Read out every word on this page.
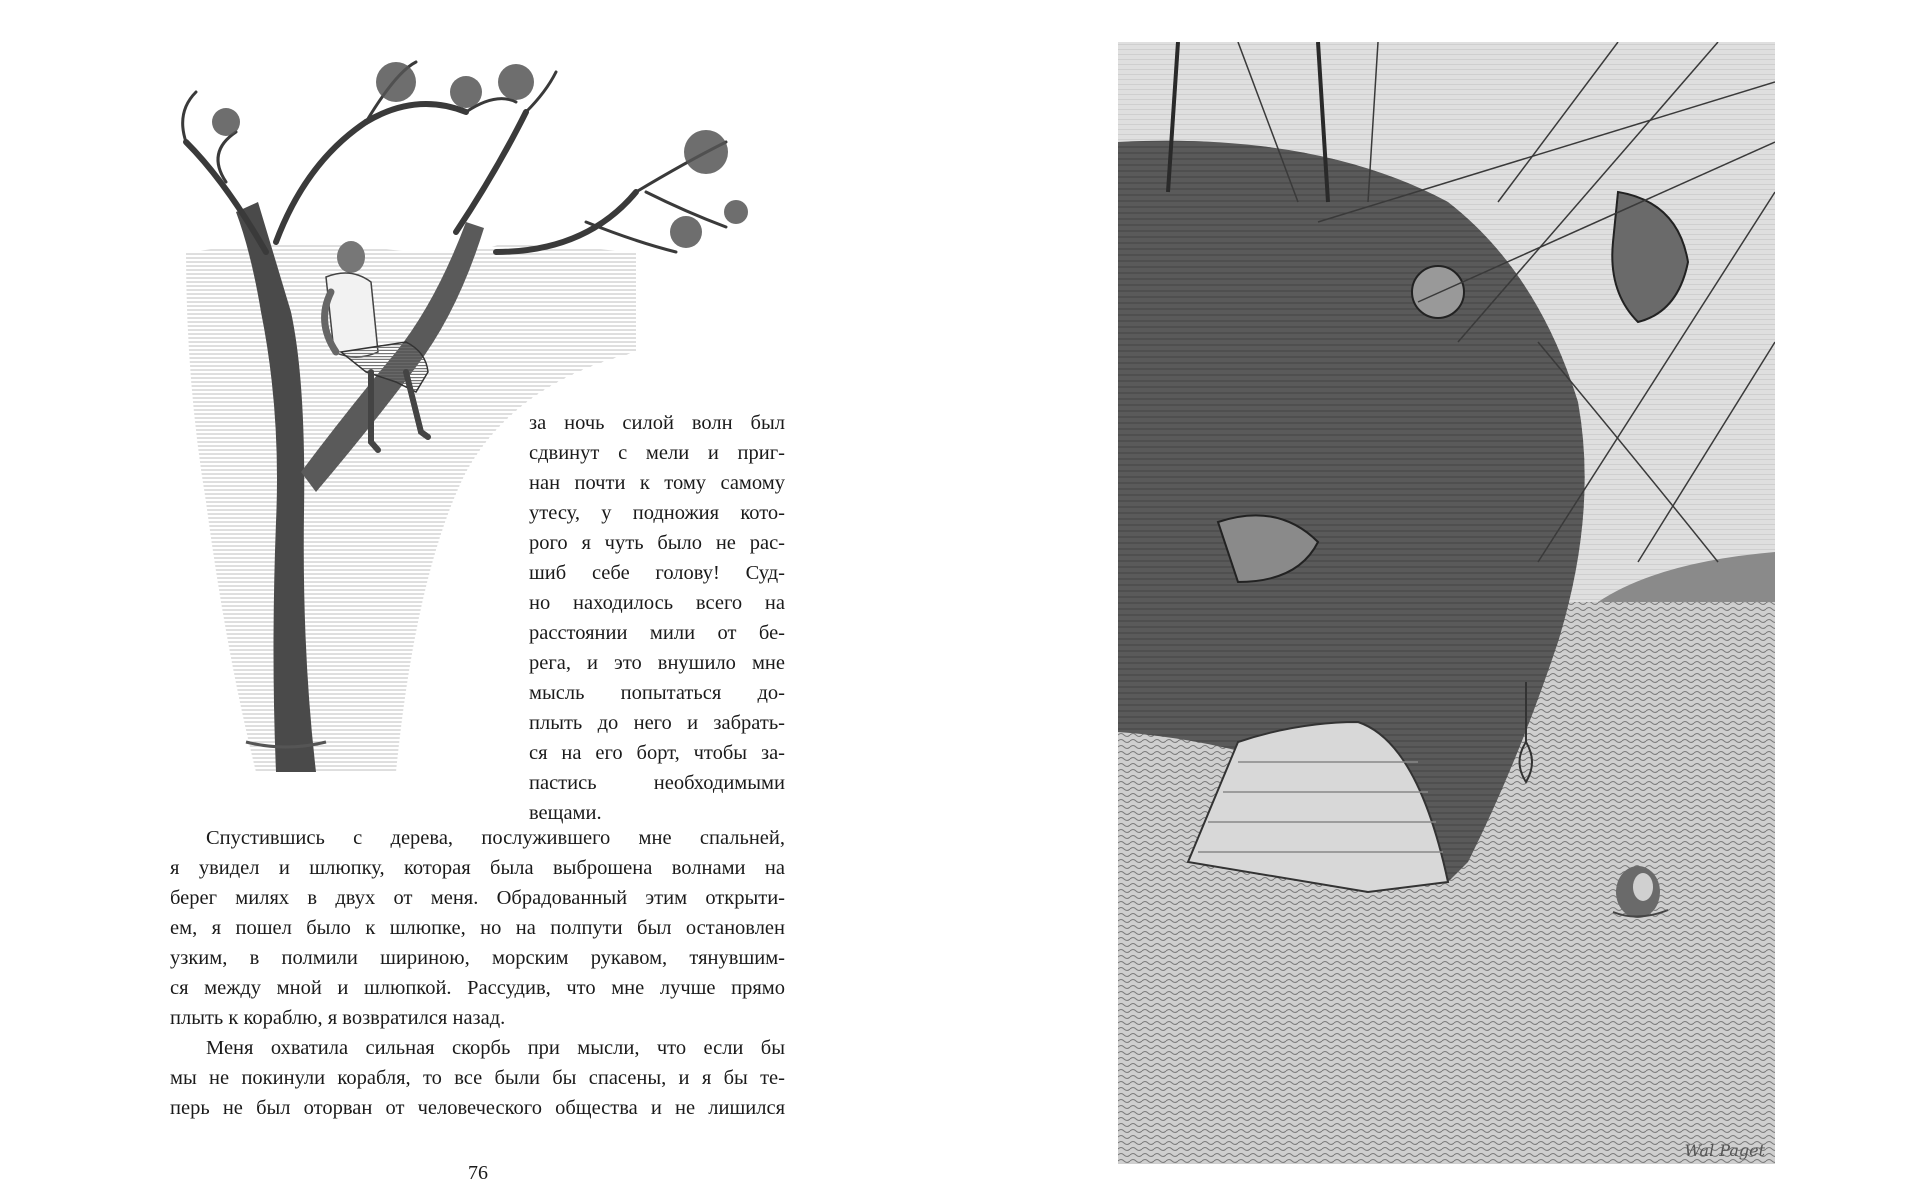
за ночь силой волн был
сдвинут с мели и приг-
нан почти к тому самому
утесу, у подножия кото-
рого я чуть было не рас-
шиб себе голову! Суд-
но находилось всего на
расстоянии мили от бе-
рега, и это внушило мне
мысль попытаться до-
плыть до него и забрать-
ся на его борт, чтобы за-
пастись необходимыми
вещами.
Спустившись с дерева, послужившего мне спальней,
я увидел и шлюпку, которая была выброшена волнами на
берег милях в двух от меня. Обрадованный этим открыти-
ем, я пошел было к шлюпке, но на полпути был остановлен
узким, в полмили шириною, морским рукавом, тянувшим-
ся между мной и шлюпкой. Рассудив, что мне лучше прямо
плыть к кораблю, я возвратился назад.
Меня охватила сильная скорбь при мысли, что если бы
мы не покинули корабля, то все были бы спасены, и я бы те-
перь не был оторван от человеческого общества и не лишился
76
Wal Paget
